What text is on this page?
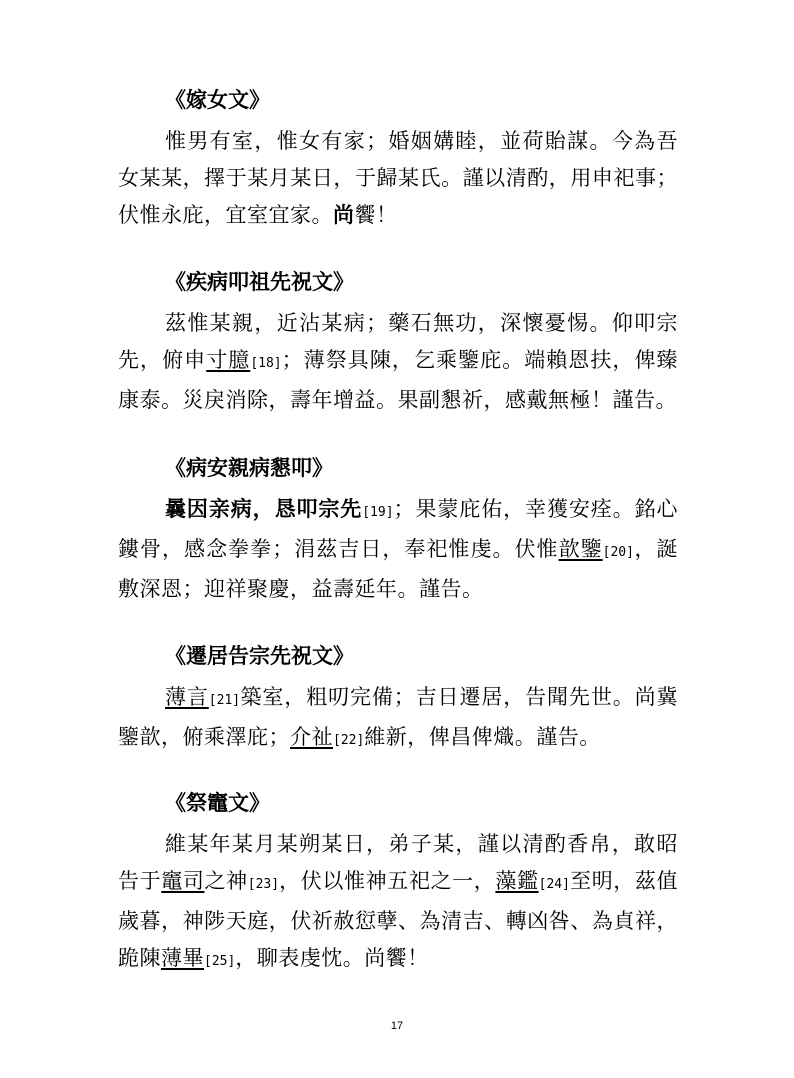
《嫁女文》

惟男有室，惟女有家；婚姻媾睦，並荷貽謀。今為吾女某某，擇于某月某日，于歸某氏。謹以清酌，用申祀事；伏惟永庇，宜室宜家。尚饗！

《疾病叩祖先祝文》

茲惟某親，近沾某病；藥石無功，深懷憂惕。仰叩宗先，俯申寸臆[18]；薄祭具陳，乞乘鑒庇。端賴恩扶，俾臻康泰。災戾消除，壽年增益。果副懇祈，感戴無極！謹告。

《病安親病懇叩》

曩因亲病，恳叩宗先[19]；果蒙庇佑，幸獲安痊。銘心鏤骨，感念拳拳；涓茲吉日，奉祀惟虔。伏惟歆鑒[20]，誕敷深恩；迎祥聚慶，益壽延年。謹告。

《遷居告宗先祝文》

薄言[21]築室，粗叨完備；吉日遷居，告聞先世。尚冀鑒歆，俯乘澤庇；介祉[22]維新，俾昌俾熾。謹告。

《祭竈文》

維某年某月某朔某日，弟子某，謹以清酌香帛，敢昭告于竈司之神[23]，伏以惟神五祀之一，藻鑑[24]至明，茲值歲暮，神陟天庭，伏祈赦愆孽、為清吉、轉凶咎、為貞祥，跪陳薄畢[25]，聊表虔忱。尚饗！

17
